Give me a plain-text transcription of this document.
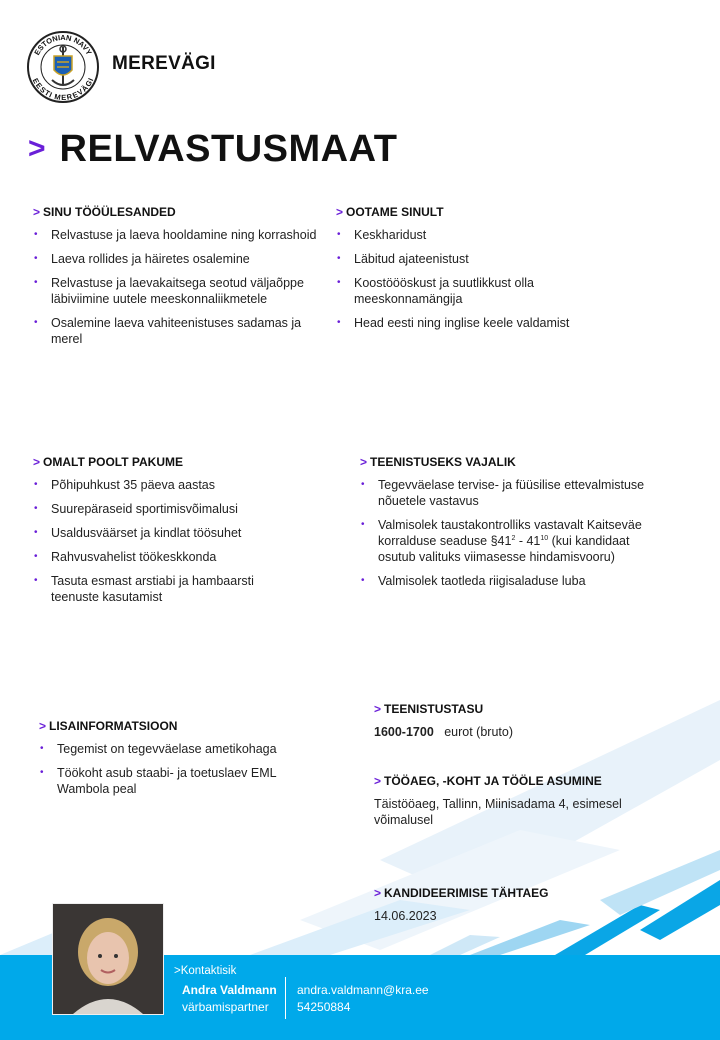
ESTONIAN NAVY
EESTI MEREVÄGI
MEREVÄGI
> RELVASTUSMAAT
> SINU TÖÖÜLESANDED
• Relvastuse ja laeva hooldamine ning korrashoid
• Laeva rollides ja häiretes osalemine
• Relvastuse ja laevakaitsega seotud väljaõppe läbiviimine uutele meeskonnaliikmetele
• Osalemine laeva vahiteenistuses sadamas ja merel
> OOTAME SINULT
• Keskharidust
• Läbitud ajateenistust
• Koostöööskust ja suutlikkust olla meeskonnamängija
• Head eesti ning inglise keele valdamist
> OMALT POOLT PAKUME
• Põhipuhkust 35 päeva aastas
• Suurepäraseid sportimisvõimalusi
• Usaldusväärset ja kindlat töösuhet
• Rahvusvahelist töökeskkonda
• Tasuta esmast arstiabi ja hambaarsti teenuste kasutamist
> TEENISTUSEKS VAJALIK
• Tegevväelase tervise- ja füüsilise ettevalmistuse nõuetele vastavus
• Valmisolek taustakontrolliks vastavalt Kaitseväe korralduse seaduse $\S 41^2 - 41^{10}$ (kui kandidaat osutub valituks viimasesse hindamisvooru)
• Valmisolek taotleda riigisaladuse luba
> LISAINFORMATSIOON
• Tegemist on tegevväelase ametikohaga
• Töökoht asub staabi- ja toetuslaev EML Wambola peal
> TEENISTUSTASU
1600-1700 eurot (bruto)
> TÖÖAEG, -KOHT JA TÖÖLE ASUMINE
Täistööaeg, Tallinn, Miinisadama 4, esimesel võimalusel
> KANDIDEERIMISE TÄHTAEG
14.06.2023
>Kontaktisik
Andra Valdmann
värbamispartner
andra.valdmann@kra.ee
54250884
